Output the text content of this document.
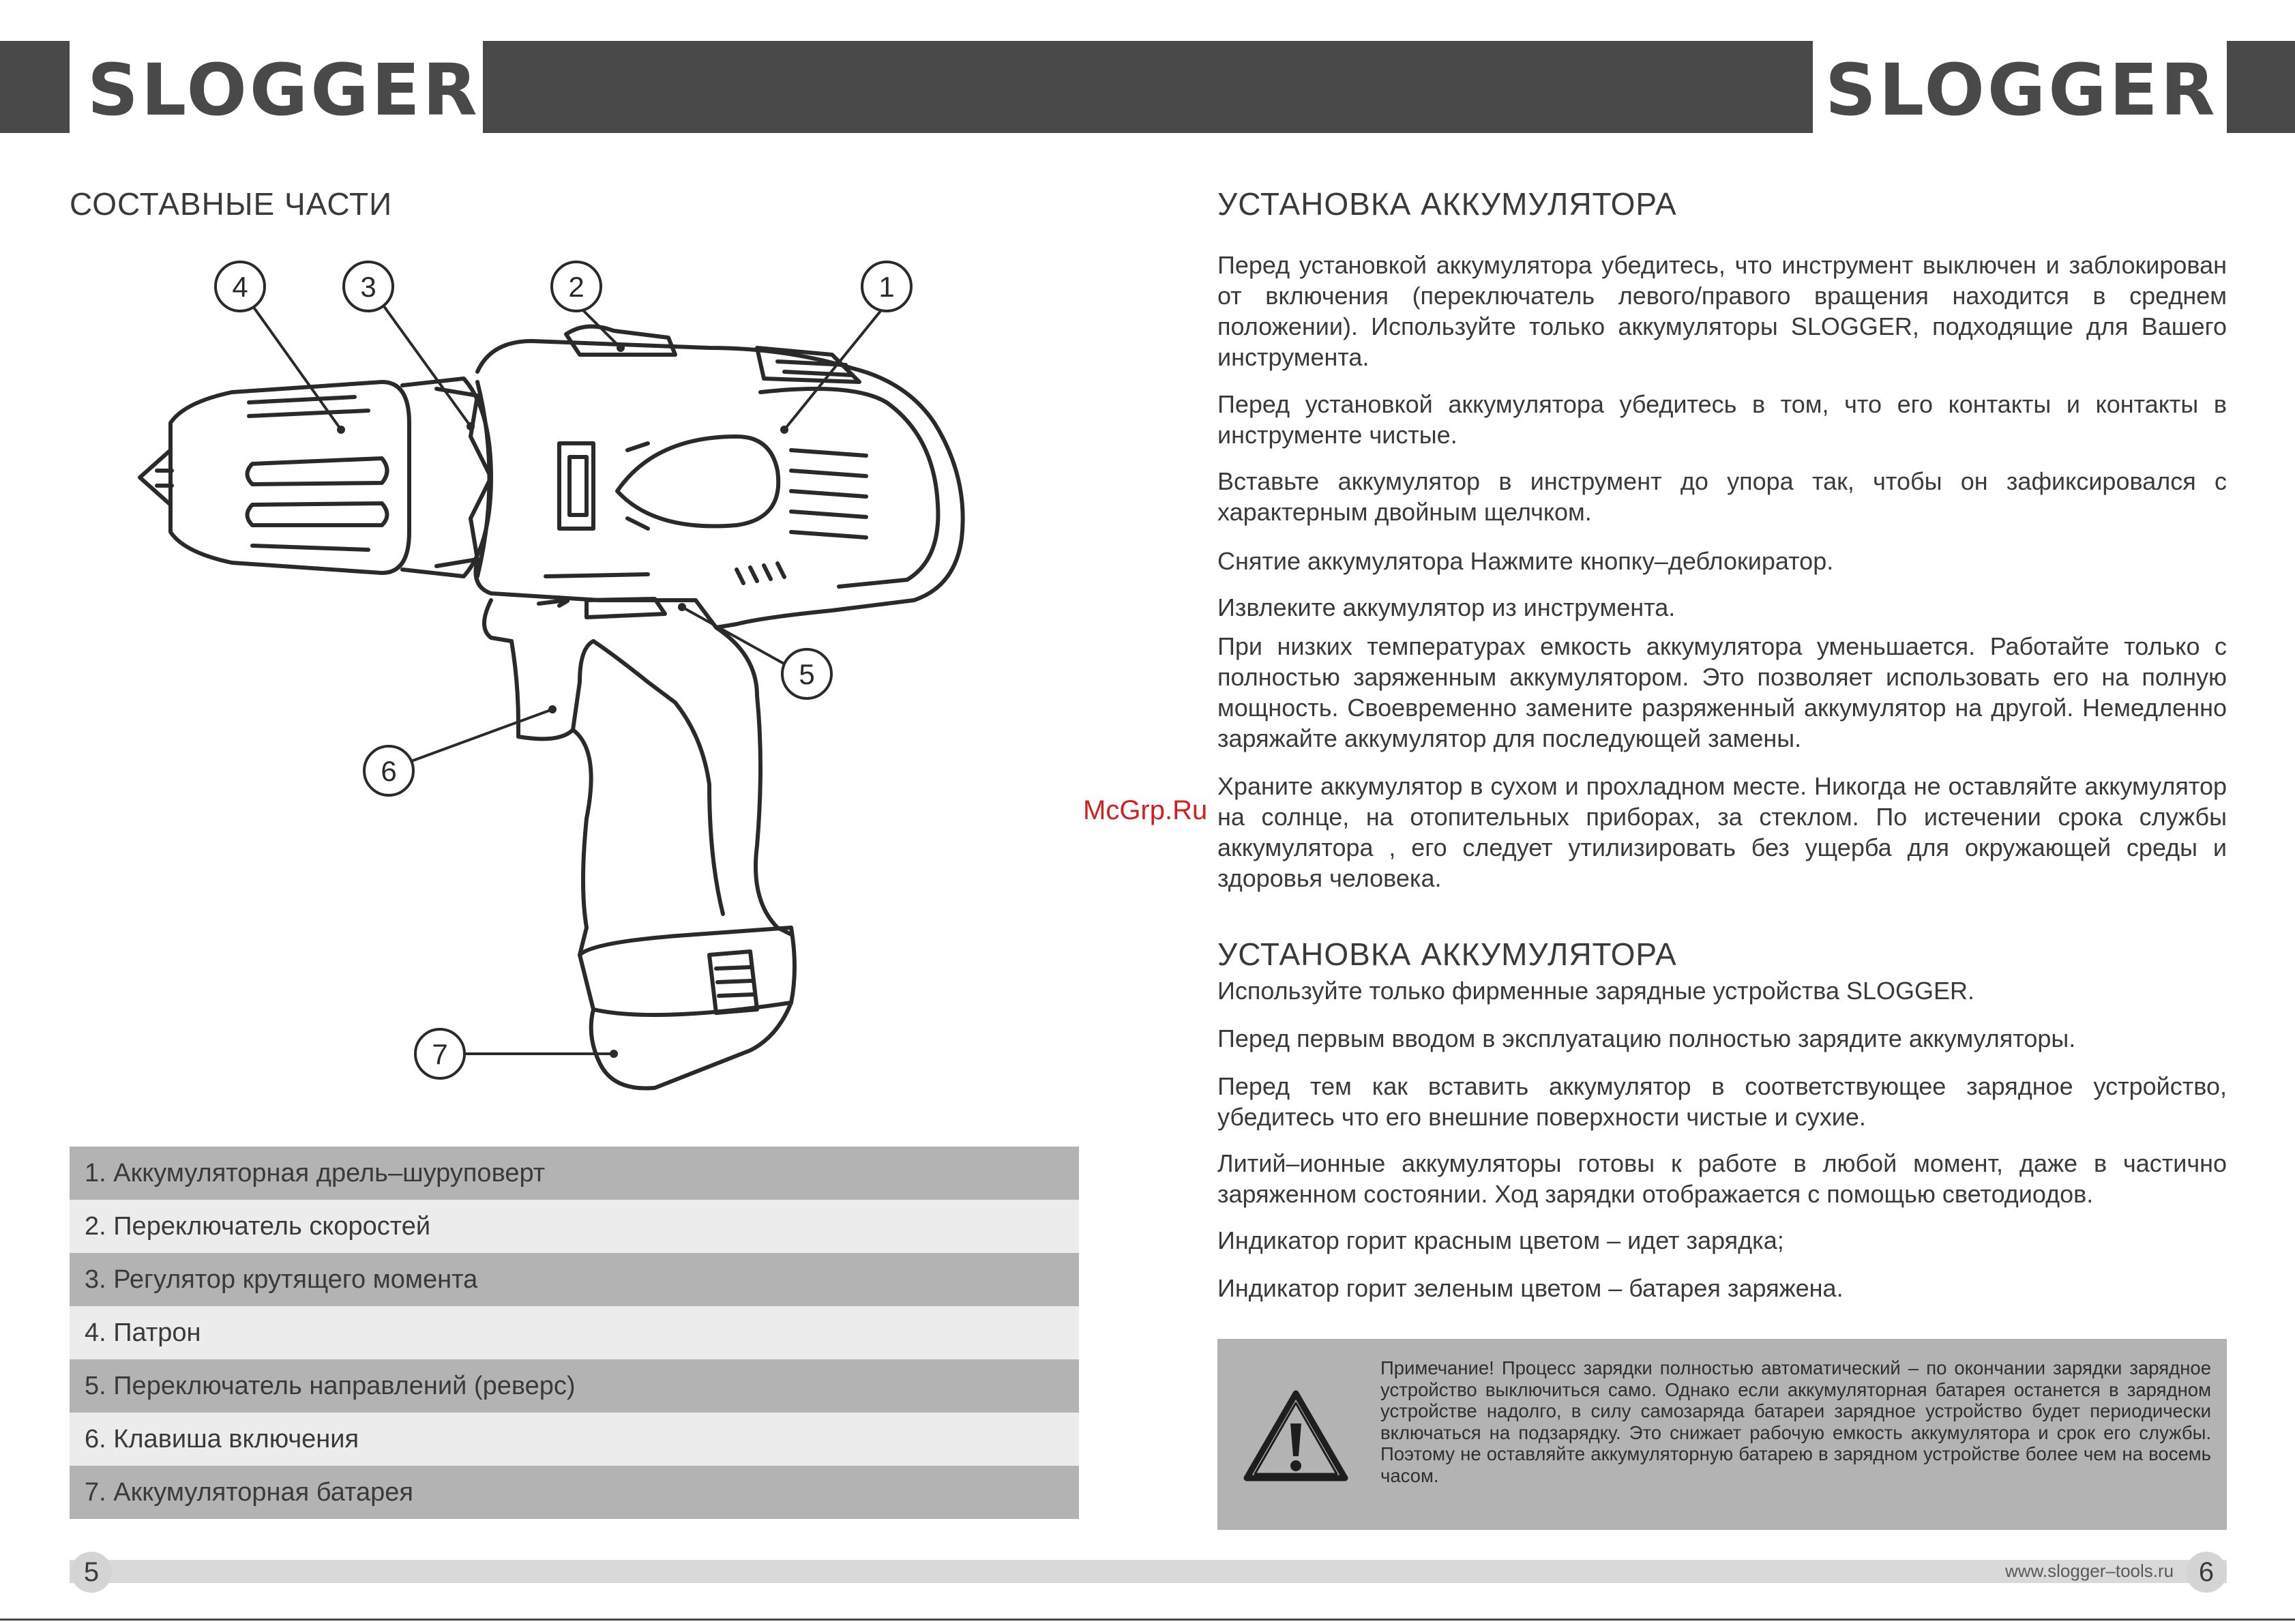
SLOGGER	SLOGGER
СОСТАВНЫЕ ЧАСТИ
1
2
3
4
5
6
7
1. Аккумуляторная дрель–шуруповерт
2. Переключатель скоростей
3. Регулятор крутящего момента
4. Патрон
5. Переключатель направлений (реверс)
6. Клавиша включения
7. Аккумуляторная батарея
УСТАНОВКА АККУМУЛЯТОРА

Перед установкой аккумулятора убедитесь, что инструмент выключен и заблокирован от включения (переключатель левого/правого вращения находится в среднем положении). Используйте только аккумуляторы SLOGGER, подходящие для Вашего инструмента.

Перед установкой аккумулятора убедитесь в том, что его контакты и контакты в инструменте чистые.

Вставьте аккумулятор в инструмент до упора так, чтобы он зафиксировался с характерным двойным щелчком.

Снятие аккумулятора Нажмите кнопку–деблокиратор.

Извлеките аккумулятор из инструмента.

При низких температурах емкость аккумулятора уменьшается. Работайте только с полностью заряженным аккумулятором. Это позволяет использовать его на полную мощность. Своевременно замените разряженный аккумулятор на другой. Немедленно заряжайте аккумулятор для последующей замены.

Храните аккумулятор в сухом и прохладном месте. Никогда не оставляйте аккумулятор на солнце, на отопительных приборах, за стеклом. По истечении срока службы аккумулятора , его следует утилизировать без ущерба для окружающей среды и здоровья человека.

УСТАНОВКА АККУМУЛЯТОРА

Используйте только фирменные зарядные устройства SLOGGER.

Перед первым вводом в эксплуатацию полностью зарядите аккумуляторы.

Перед тем как вставить аккумулятор в соответствующее зарядное устройство, убедитесь что его внешние поверхности чистые и сухие.

Литий–ионные аккумуляторы готовы к работе в любой момент, даже в частично заряженном состоянии. Ход зарядки отображается с помощью светодиодов.

Индикатор горит красным цветом – идет зарядка;

Индикатор горит зеленым цветом – батарея заряжена.

Примечание! Процесс зарядки полностью автоматический – по окончании зарядки зарядное устройство выключиться само. Однако если аккумуляторная батарея останется в зарядном устройстве надолго, в силу самозаряда батареи зарядное устройство будет периодически включаться на подзарядку. Это снижает рабочую емкость аккумулятора и срок его службы. Поэтому не оставляйте аккумуляторную батарею в зарядном устройстве более чем на восемь часом.

McGrp.Ru
5	www.slogger–tools.ru 6
